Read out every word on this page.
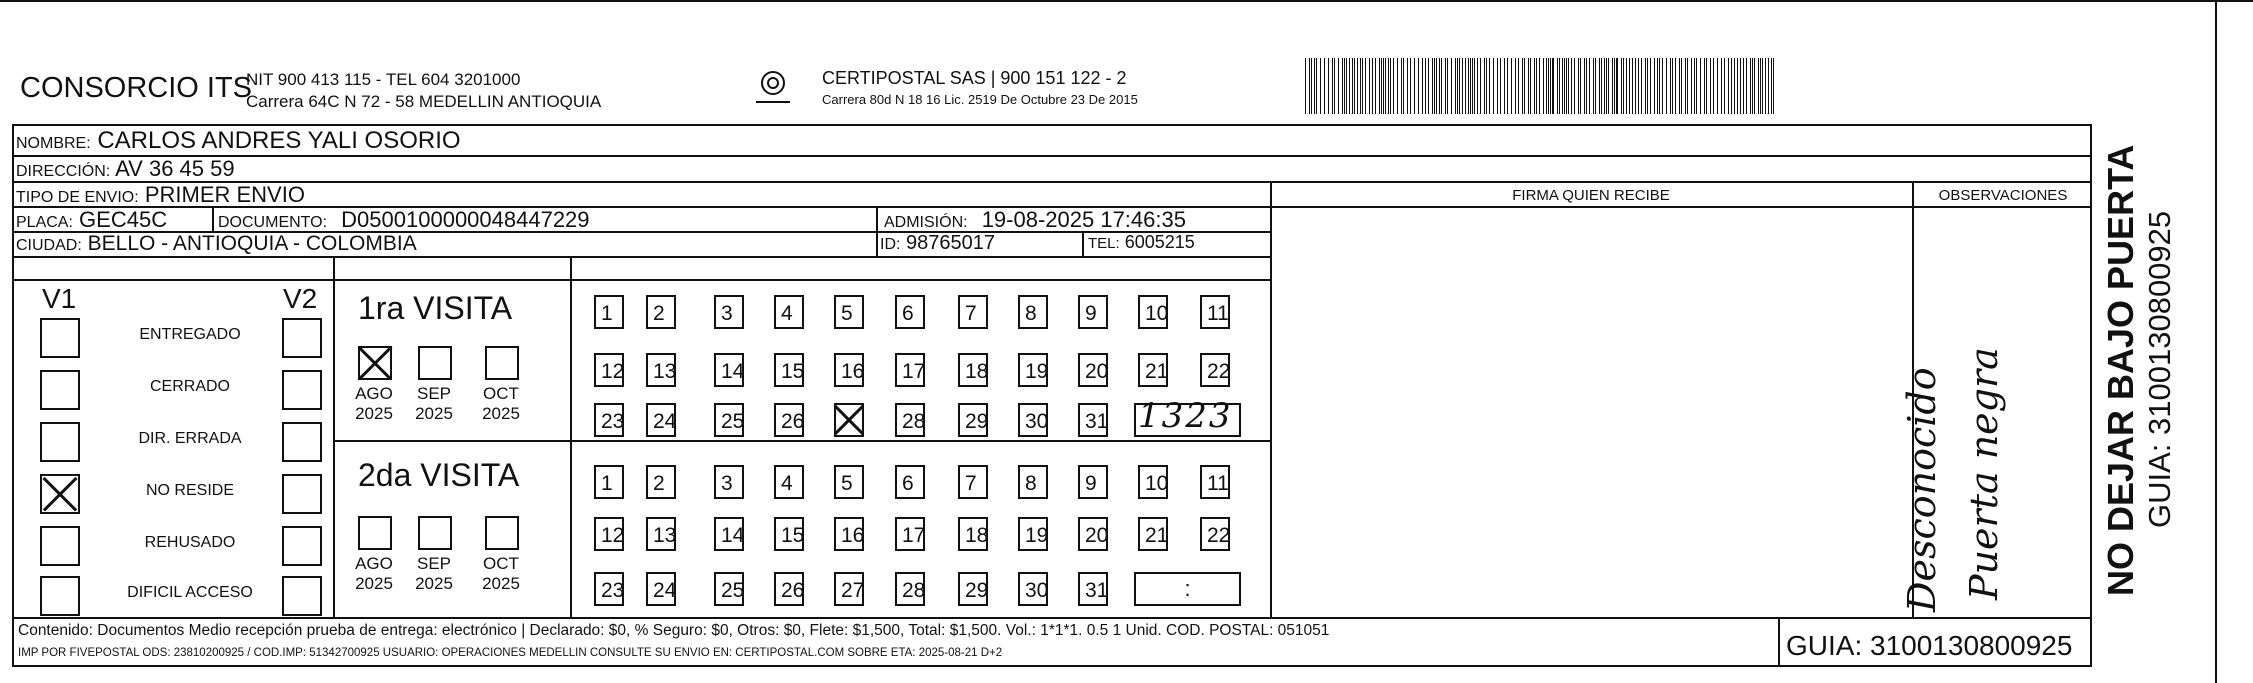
CONSORCIO ITS
NIT 900 413 115 - TEL 604 3201000
Carrera 64C N 72 - 58 MEDELLIN ANTIOQUIA
CERTIPOSTAL SAS | 900 151 122 - 2
Carrera 80d N 18 16 Lic. 2519 De Octubre 23 De 2015
NOMBRE: CARLOS ANDRES YALI OSORIO
DIRECCIÓN: AV 36 45 59
TIPO DE ENVIO: PRIMER ENVIO	FIRMA QUIEN RECIBE	OBSERVACIONES
PLACA: GEC45C	DOCUMENTO: D0500100000048447229	ADMISIÓN: 19-08-2025 17:46:35
CIUDAD: BELLO - ANTIOQUIA - COLOMBIA	ID: 98765017	TEL: 6005215
V1	V2
ENTREGADO
CERRADO
DIR. ERRADA
NO RESIDE
REHUSADO
DIFICIL ACCESO
1ra VISITA
AGO
2025
SEP
2025
OCT
2025
1 2	3 4 5 6 7 8 9 10 11
12 13 14 15 16 17 18 19 20 21 22
23 24 25 26	28 29 30 31 1323
2da VISITA
AGO
2025
SEP
2025
OCT
2025
1 2	3 4 5 6 7 8 9 10 11
12 13 14 15 16 17 18 19 20 21 22
23 24 25 26 27 28 29 30 31	:	Desconocido Puerta negra
Contenido: Documentos Medio recepción prueba de entrega: electrónico | Declarado: $0, % Seguro: $0, Otros: $0, Flete: $1,500, Total: $1,500. Vol.: 1*1*1. 0.5 1 Unid. COD. POSTAL: 051051
IMP POR FIVEPOSTAL ODS: 23810200925 / COD.IMP: 51342700925 USUARIO: OPERACIONES MEDELLIN CONSULTE SU ENVIO EN: CERTIPOSTAL.COM SOBRE ETA: 2025-08-21 D+2	GUIA: 3100130800925
NO DEJAR BAJO PUERTA GUIA: 3100130800925
